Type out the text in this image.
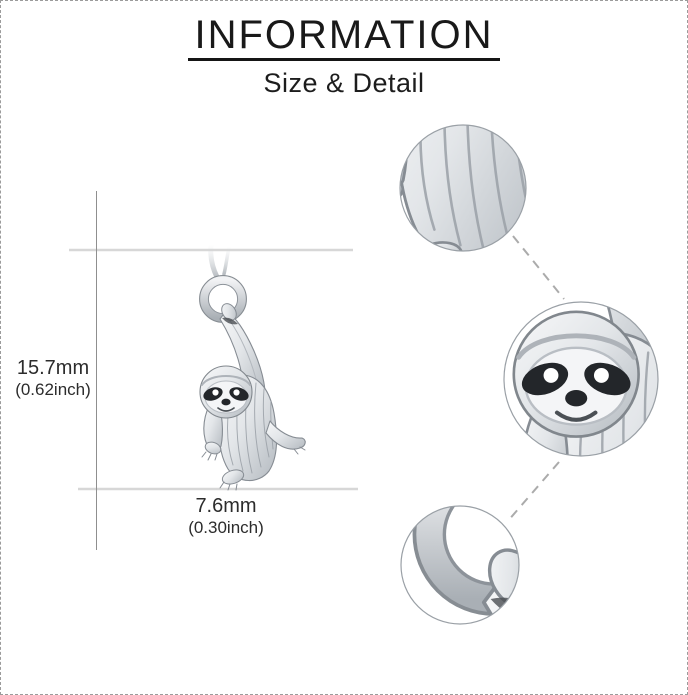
INFORMATION
Size & Detail
15.7mm
(0.62inch)
7.6mm
(0.30inch)
